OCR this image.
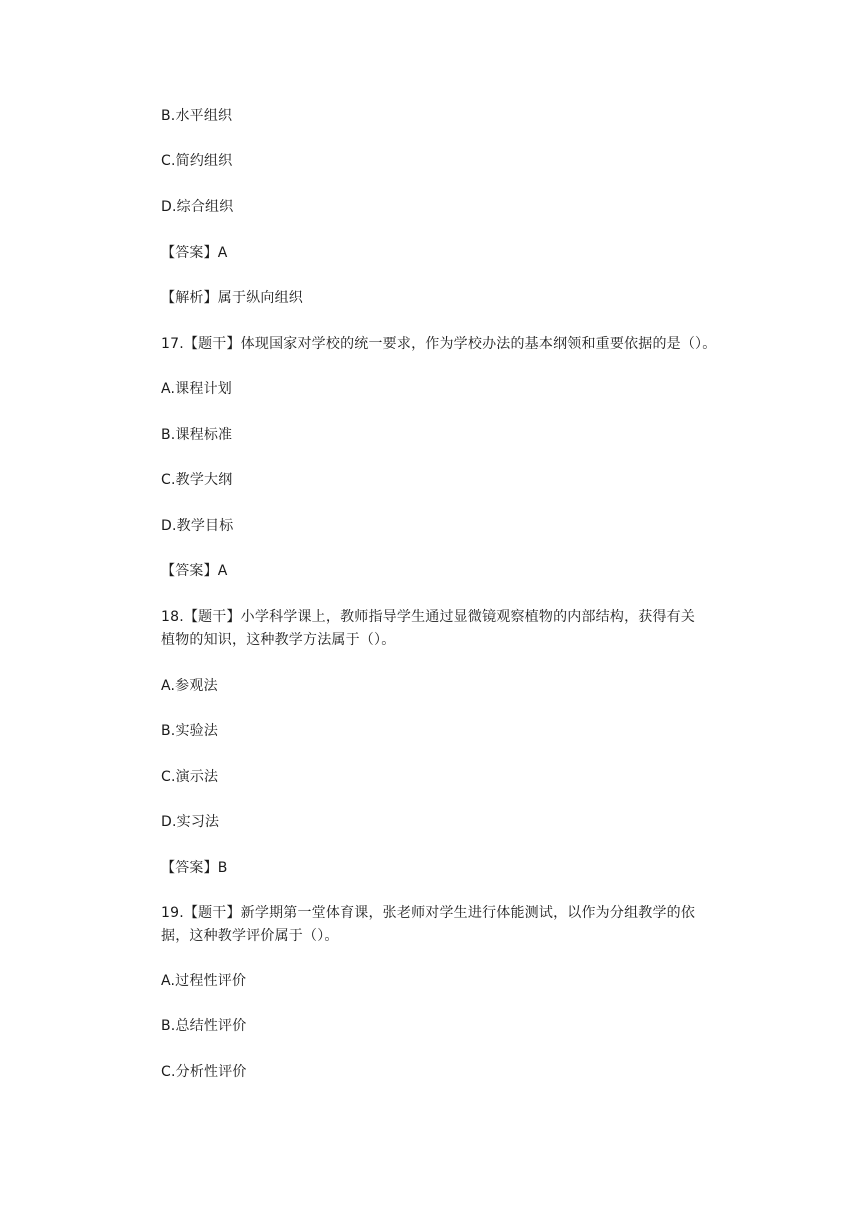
B.水平组织
C.简约组织
D.综合组织
【答案】A
【解析】属于纵向组织
17.【题干】体现国家对学校的统一要求，作为学校办法的基本纲领和重要依据的是（）。
A.课程计划
B.课程标准
C.教学大纲
D.教学目标
【答案】A
18.【题干】小学科学课上，教师指导学生通过显微镜观察植物的内部结构，获得有关
植物的知识，这种教学方法属于（）。
A.参观法
B.实验法
C.演示法
D.实习法
【答案】B
19.【题干】新学期第一堂体育课，张老师对学生进行体能测试，以作为分组教学的依
据，这种教学评价属于（）。
A.过程性评价
B.总结性评价
C.分析性评价
